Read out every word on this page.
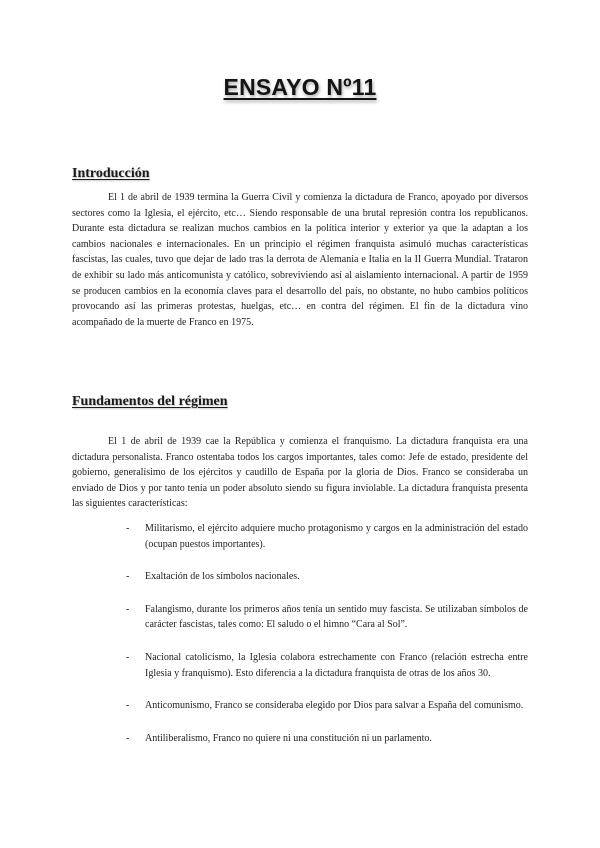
ENSAYO Nº11
Introducción

El 1 de abril de 1939 termina la Guerra Civil y comienza la dictadura de Franco, apoyado por diversos sectores como la Iglesia, el ejército, etc… Siendo responsable de una brutal represión contra los republicanos. Durante esta dictadura se realizan muchos cambios en la política interior y exterior ya que la adaptan a los cambios nacionales e internacionales. En un principio el régimen franquista asimuló muchas características fascistas, las cuales, tuvo que dejar de lado tras la derrota de Alemania e Italia en la II Guerra Mundial. Trataron de exhibir su lado más anticomunista y católico, sobreviviendo así al aislamiento internacional. A partir de 1959 se producen cambios en la economía claves para el desarrollo del país, no obstante, no hubo cambios políticos provocando así las primeras protestas, huelgas, etc… en contra del régimen. El fin de la dictadura vino acompañado de la muerte de Franco en 1975.

Fundamentos del régimen

El 1 de abril de 1939 cae la República y comienza el franquismo. La dictadura franquista era una dictadura personalista. Franco ostentaba todos los cargos importantes, tales como: Jefe de estado, presidente del gobierno, generalísimo de los ejércitos y caudillo de España por la gloria de Dios. Franco se consideraba un enviado de Dios y por tanto tenía un poder absoluto siendo su figura inviolable. La dictadura franquista presenta las siguientes características:

- Militarismo, el ejército adquiere mucho protagonismo y cargos en la administración del estado (ocupan puestos importantes).
- Exaltación de los símbolos nacionales.
- Falangismo, durante los primeros años tenía un sentido muy fascista. Se utilizaban símbolos de carácter fascistas, tales como: El saludo o el himno “Cara al Sol”.
- Nacional catolicismo, la Iglesia colabora estrechamente con Franco (relación estrecha entre Iglesia y franquismo). Esto diferencia a la dictadura franquista de otras de los años 30.
- Anticomunismo, Franco se consideraba elegido por Dios para salvar a España del comunismo.
- Antiliberalismo, Franco no quiere ni una constitución ni un parlamento.
